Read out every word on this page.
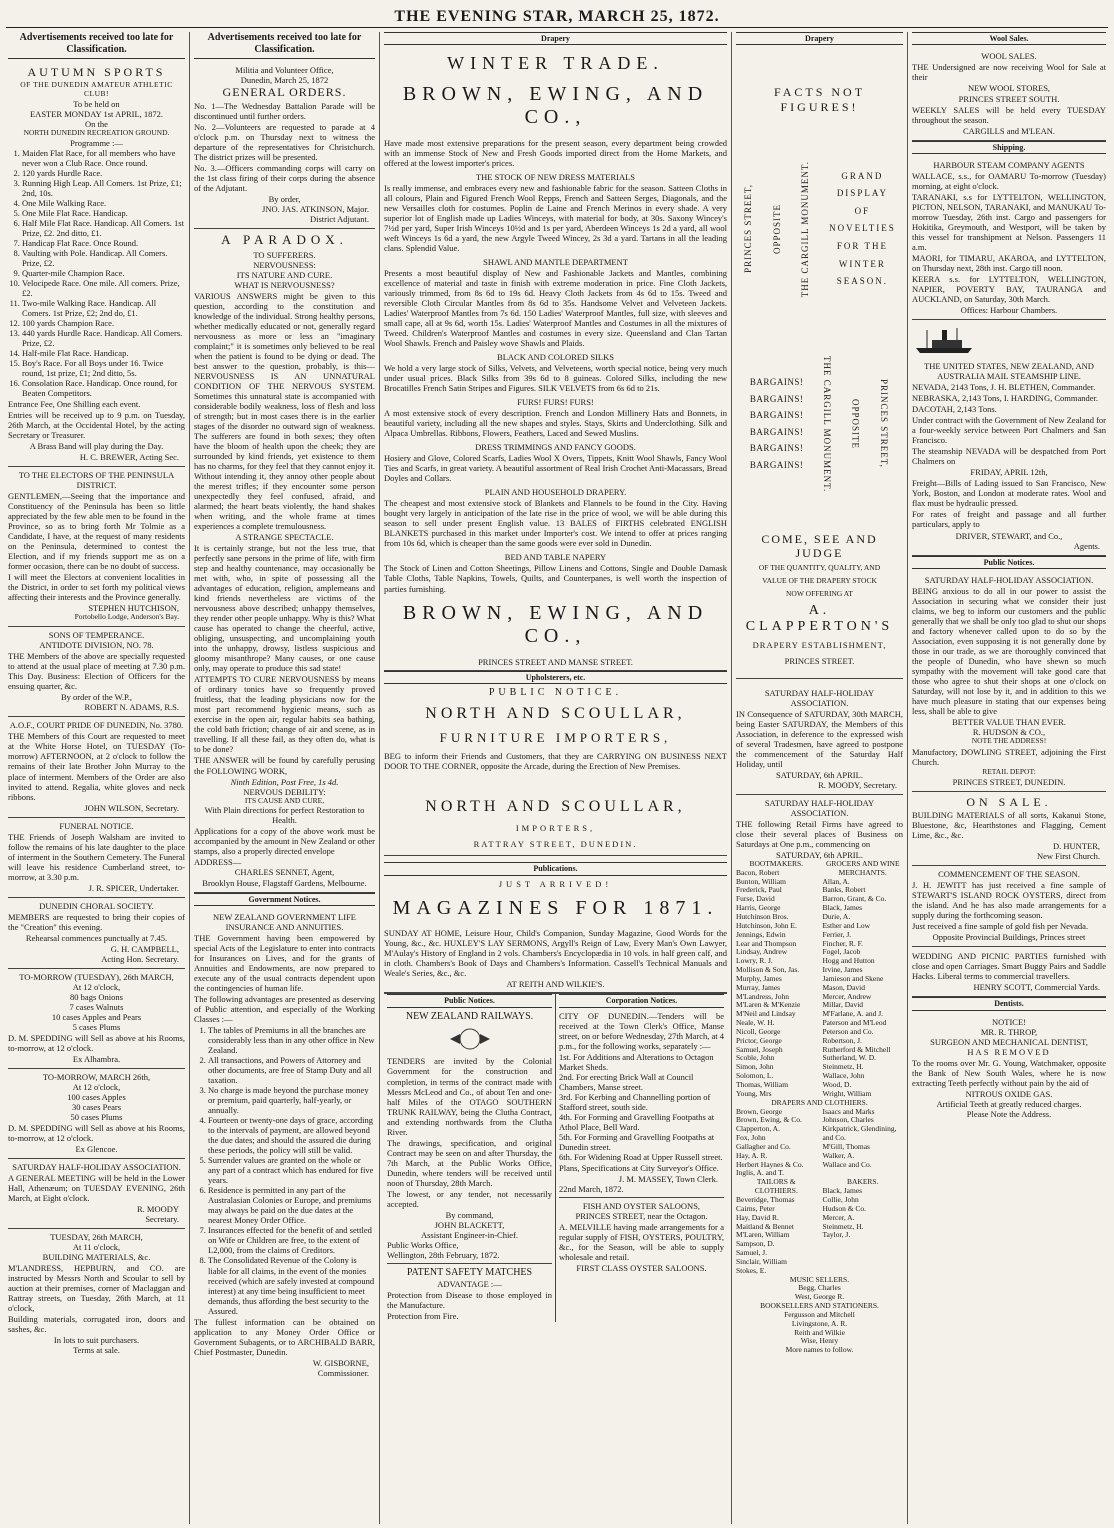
THE EVENING STAR, MARCH 25, 1872.
Advertisements received too late for Classification.
AUTUMN SPORTS
OF THE DUNEDIN AMATEUR ATHLETIC CLUB!
To be held on
EASTER MONDAY 1st APRIL, 1872.
On the
NORTH DUNEDIN RECREATION GROUND.
Programme :—
1. Maiden Flat Race, for all members who have never won a Club Race. Once round.
2. 120 yards Hurdle Race.
3. Running High Leap. All Comers. 1st Prize, £1; 2nd, 10s.
4. One Mile Walking Race.
5. One Mile Flat Race. Handicap.
6. Half Mile Flat Race. Handicap. All Comers. 1st Prize, £2. 2nd ditto, £1.
7. Handicap Flat Race. Once Round.
8. Vaulting with Pole. Handicap. All Comers. Prize, £2.
9. Quarter-mile Champion Race.
10. Velocipede Race. One mile. All comers. Prize, £2.
11. Two-mile Walking Race. Handicap. All Comers. 1st Prize, £2; 2nd do, £1.
12. 100 yards Champion Race.
13. 440 yards Hurdle Race. Handicap. All Comers. Prize, £2.
14. Half-mile Flat Race. Handicap.
15. Boy's Race. For all Boys under 16. Twice round, 1st prize, £1; 2nd ditto, 5s.
16. Consolation Race. Handicap. Once round, for Beaten Competitors.

Entrance Fee, One Shilling each event.

Entries will be received up to 9 p.m. on Tuesday, 26th March, at the Occidental Hotel, by the acting Secretary or Treasurer.

A Brass Band will play during the Day.

H. C. BREWER, Acting Sec.
TO THE ELECTORS OF THE PENINSULA DISTRICT.

GENTLEMEN,—Seeing that the importance and Constituency of the Peninsula has been so little appreciated by the few able men to be found in the Province, so as to bring forth Mr Tolmie as a Candidate, I have, at the request of many residents on the Peninsula, determined to contest the Election, and if my friends support me as on a former occasion, there can be no doubt of success.

I will meet the Electors at convenient localities in the District, in order to set forth my political views affecting their interests and the Province generally.

STEPHEN HUTCHISON,
Portobello Lodge, Anderson's Bay.
SONS OF TEMPERANCE.
ANTIDOTE DIVISION, NO. 78.

THE Members of the above are specially requested to attend at the usual place of meeting at 7.30 p.m. This Day. Business: Election of Officers for the ensuing quarter, &c.

By order of the W.P.,
ROBERT N. ADAMS, R.S.
A.O.F., COURT PRIDE OF DUNEDIN, No. 3780.

THE Members of this Court are requested to meet at the White Horse Hotel, on TUESDAY (To-morrow) AFTERNOON, at 2 o'clock to follow the remains of their late Brother John Murray to the place of interment. Members of the Order are also invited to attend. Regalia, white gloves and neck ribbons.

JOHN WILSON, Secretary.
FUNERAL NOTICE.

THE Friends of Joseph Walsham are invited to follow the remains of his late daughter to the place of interment in the Southern Cemetery. The Funeral will leave his residence Cumberland street, to-morrow, at 3.30 p.m.

J. R. SPICER, Undertaker.
DUNEDIN CHORAL SOCIETY.

MEMBERS are requested to bring their copies of the "Creation" this evening.

Rehearsal commences punctually at 7.45.

G. H. CAMPBELL,
Acting Hon. Secretary.
TO-MORROW (TUESDAY), 26th MARCH,
At 12 o'clock,
80 bags Onions
7 cases Walnuts
10 cases Apples and Pears
5 cases Plums

D. M. SPEDDING will Sell as above at his Rooms, to-morrow, at 12 o'clock.

Ex Alhambra.
TO-MORROW, MARCH 26th,
At 12 o'clock,
100 cases Apples
30 cases Pears
50 cases Plums

D. M. SPEDDING will Sell as above at his Rooms, to-morrow, at 12 o'clock.

Ex Glencoe.
SATURDAY HALF-HOLIDAY ASSOCIATION.

A GENERAL MEETING will be held in the Lower Hall, Athenæum; on TUESDAY EVENING, 26th March, at Eight o'clock.

R. MOODY
Secretary.
TUESDAY, 26th MARCH,
At 11 o'clock,
BUILDING MATERIALS, &c.

M'LANDRESS, HEPBURN, and CO. are instructed by Messrs North and Scoular to sell by auction at their premises, corner of Maclaggan and Rattray streets, on Tuesday, 26th March, at 11 o'clock,

Building materials, corrugated iron, doors and sashes, &c.

In lots to suit purchasers.
Terms at sale.
Advertisements received too late for Classification.
Militia and Volunteer Office,
Dunedin, March 25, 1872
GENERAL ORDERS.

No. 1—The Wednesday Battalion Parade will be discontinued until further orders.

No. 2—Volunteers are requested to parade at 4 o'clock p.m. on Thursday next to witness the departure of the representatives for Christchurch. The district prizes will be presented.

No. 3.—Officers commanding corps will carry on the 1st class firing of their corps during the absence of the Adjutant.

By order,
JNO. JAS. ATKINSON, Major.
District Adjutant.
A PARADOX.
TO SUFFERERS.
NERVOUSNESS:
ITS NATURE AND CURE.
WHAT IS NERVOUSNESS?

VARIOUS ANSWERS might be given to this question, according to the constitution and knowledge of the individual. Strong healthy persons, whether medically educated or not, generally regard nervousness as more or less an "imaginary complaint;" it is sometimes only believed to be real when the patient is found to be dying or dead. The best answer to the question, probably, is this—NERVOUSNESS IS AN UNNATURAL CONDITION OF THE NERVOUS SYSTEM. Sometimes this unnatural state is accompanied with considerable bodily weakness, loss of flesh and loss of strength; but in most cases there is in the earlier stages of the disorder no outward sign of weakness. The sufferers are found in both sexes; they often have the bloom of health upon the cheek; they are surrounded by kind friends, yet existence to them has no charms, for they feel that they cannot enjoy it. Without intending it, they annoy other people about the merest trifles; if they encounter some person unexpectedly they feel confused, afraid, and alarmed; the heart beats violently, the hand shakes when writing, and the whole frame at times experiences a complete tremulousness.

A STRANGE SPECTACLE.

It is certainly strange, but not the less true, that perfectly sane persons in the prime of life, with firm step and healthy countenance, may occasionally be met with, who, in spite of possessing all the advantages of education, religion, amplemeans and kind friends nevertheless are victims of the nervousness above described; unhappy themselves, they render other people unhappy. Why is this? What cause has operated to change the cheerful, active, obliging, unsuspecting, and uncomplaining youth into the unhappy, drowsy, listless suspicious and gloomy misanthrope? Many causes, or one cause only, may operate to produce this sad state!

ATTEMPTS TO CURE NERVOUSNESS by means of ordinary tonics have so frequently proved fruitless, that the leading physicians now for the most part recommend hygienic means, such as exercise in the open air, regular habits sea bathing, the cold bath friction; change of air and scene, as in travelling. If all these fail, as they often do, what is to be done?

THE ANSWER will be found by carefully perusing the FOLLOWING WORK,

Ninth Edition, Post Free, 1s 4d.
NERVOUS DEBILITY:
ITS CAUSE AND CURE,
With Plain directions for perfect Restoration to Health.

Applications for a copy of the above work must be accompanied by the amount in New Zealand or other stamps, also a properly directed envelope

ADDRESS—
CHARLES SENNET, Agent,
Brooklyn House, Flagstaff Gardens, Melbourne.
Government Notices.
NEW ZEALAND GOVERNMENT LIFE INSURANCE AND ANNUITIES.

THE Government having been empowered by special Acts of the Legislature to enter into contracts for Insurances on Lives, and for the grants of Annuities and Endowments, are now prepared to execute any of the usual contracts dependent upon the contingencies of human life.

The following advantages are presented as deserving of Public attention, and especially of the Working Classes :—

1. The tables of Premiums in all the branches are considerably less than in any other office in New Zealand.
2. All transactions, and Powers of Attorney and other documents, are free of Stamp Duty and all taxation.
3. No charge is made beyond the purchase money or premium, paid quarterly, half-yearly, or annually.
4. Fourteen or twenty-one days of grace, according to the intervals of payment, are allowed beyond the due dates; and should the assured die during these periods, the policy will still be valid.
5. Surrender values are granted on the whole or any part of a contract which has endured for five years.
6. Residence is permitted in any part of the Australasian Colonies or Europe, and premiums may always be paid on the due dates at the nearest Money Order Office.
7. Insurances effected for the benefit of and settled on Wife or Children are free, to the extent of L2,000, from the claims of Creditors.
8. The Consolidated Revenue of the Colony is liable for all claims, in the event of the monies received (which are safely invested at compound interest) at any time being insufficient to meet demands, thus affording the best security to the Assured.

The fullest information can be obtained on application to any Money Order Office or Government Subagents, or to ARCHIBALD BARR, Chief Postmaster, Dunedin.

W. GISBORNE,
Commissioner.
Drapery
WINTER TRADE.
BROWN, EWING, AND CO.,

Have made most extensive preparations for the present season, every department being crowded with an immense Stock of New and Fresh Goods imported direct from the Home Markets, and offered at the lowest importer's prices.

THE STOCK OF NEW DRESS MATERIALS

Is really immense, and embraces every new and fashionable fabric for the season. Satteen Cloths in all colours, Plain and Figured French Wool Repps, French and Satteen Serges, Diagonals, and the new Versailles cloth for costumes. Poplin de Laine and French Merinos in every shade. A very superior lot of English made up Ladies Winceys, with material for body, at 30s. Saxony Wincey's 7½d per yard, Super Irish Winceys 10½d and 1s per yard, Aberdeen Winceys 1s 2d a yard, all wool weft Winceys 1s 6d a yard, the new Argyle Tweed Wincey, 2s 3d a yard. Tartans in all the leading clans. Splendid Value.

SHAWL AND MANTLE DEPARTMENT

Presents a most beautiful display of New and Fashionable Jackets and Mantles, combining excellence of material and taste in finish with extreme moderation in price. Fine Cloth Jackets, variously trimmed, from 8s 6d to 19s 6d. Heavy Cloth Jackets from 4s 6d to 15s. Tweed and reversible Cloth Circular Mantles from 8s 6d to 35s. Handsome Velvet and Velveteen Jackets. Ladies' Waterproof Mantles from 7s 6d. 150 Ladies' Waterproof Mantles, full size, with sleeves and small cape, all at 9s 6d, worth 15s. Ladies' Waterproof Mantles and Costumes in all the mixtures of Tweed. Children's Waterproof Mantles and costumes in every size. Queensland and Clan Tartan Wool Shawls. French and Paisley wove Shawls and Plaids.

BLACK AND COLORED SILKS

We hold a very large stock of Silks, Velvets, and Velveteens, worth special notice, being very much under usual prices. Black Silks from 39s 6d to 8 guineas. Colored Silks, including the new Brocatilles French Satin Stripes and Figures. SILK VELVETS from 6s 6d to 21s.

FURS! FURS! FURS!

A most extensive stock of every description. French and London Millinery Hats and Bonnets, in beautiful variety, including all the new shapes and styles. Stays, Skirts and Underclothing. Silk and Alpaca Umbrellas. Ribbons, Flowers, Feathers, Laced and Sewed Muslins.

DRESS TRIMMINGS AND FANCY GOODS.

Hosiery and Glove, Colored Scarfs, Ladies Wool X Overs, Tippets, Knitt Wool Shawls, Fancy Wool Ties and Scarfs, in great variety. A beautiful assortment of Real Irish Crochet Anti-Macassars, Bread Doyles and Collars.

PLAIN AND HOUSEHOLD DRAPERY.

The cheapest and most extensive stock of Blankets and Flannels to be found in the City. Having bought very largely in anticipation of the late rise in the price of wool, we will be able during this season to sell under present English value. 13 BALES of FIRTHS celebrated ENGLISH BLANKETS purchased in this market under Importer's cost. We intend to offer at prices ranging from 10s 6d, which is cheaper than the same goods were ever sold in Dunedin.

BED AND TABLE NAPERY

The Stock of Linen and Cotton Sheetings, Pillow Linens and Cottons, Single and Double Damask Table Cloths, Table Napkins, Towels, Quilts, and Counterpanes, is well worth the inspection of parties furnishing.

BROWN, EWING, AND CO.,
PRINCES STREET AND MANSE STREET.
Upholsterers, etc.
PUBLIC NOTICE.
NORTH AND SCOULLAR,
FURNITURE IMPORTERS,

BEG to inform their Friends and Customers, that they are CARRYING ON BUSINESS NEXT DOOR TO THE CORNER, opposite the Arcade, during the Erection of New Premises.

NORTH AND SCOULLAR,
IMPORTERS,
RATTRAY STREET, DUNEDIN.
Publications.
JUST ARRIVED!
MAGAZINES FOR 1871.

SUNDAY AT HOME, Leisure Hour, Child's Companion, Sunday Magazine, Good Words for the Young, &c., &c. HUXLEY'S LAY SERMONS, Argyll's Reign of Law, Every Man's Own Lawyer, M'Aulay's History of England in 2 vols. Chambers's Encyclopædia in 10 vols. in half green calf, and in cloth. Chambers's Book of Days and Chambers's Information. Cassell's Technical Manuals and Weale's Series, &c., &c.

AT REITH AND WILKIE'S.
Public Notices.
NEW ZEALAND RAILWAYS.

TENDERS are invited by the Colonial Government for the construction and completion, in terms of the contract made with Messrs McLeod and Co., of about Ten and one-half Miles of the OTAGO SOUTHERN TRUNK RAILWAY, being the Clutha Contract, and extending northwards from the Clutha River.

The drawings, specification, and original Contract may be seen on and after Thursday, the 7th March, at the Public Works Office, Dunedin, where tenders will be received until noon of Thursday, 28th March.

The lowest, or any tender, not necessarily accepted.

By command,
JOHN BLACKETT,
Assistant Engineer-in-Chief.
Public Works Office,
Wellington, 28th February, 1872.
PATENT SAFETY MATCHES
ADVANTAGE :—

Protection from Disease to those employed in the Manufacture.

Protection from Fire.

Corporation Notices.

CITY OF DUNEDIN.—Tenders will be received at the Town Clerk's Office, Manse street, on or before Wednesday, 27th March, at 4 p.m., for the following works, separately :—

1st. For Additions and Alterations to Octagon Market Sheds.
2nd. For erecting Brick Wall at Council Chambers, Manse street.
3rd. For Kerbing and Channelling portion of Stafford street, south side.
4th. For Forming and Gravelling Footpaths at Athol Place, Bell Ward.
5th. For Forming and Gravelling Footpaths at Dunedin street.
6th. For Widening Road at Upper Russell street.

Plans, Specifications at City Surveyor's Office.

J. M. MASSEY, Town Clerk.
22nd March, 1872.
FISH AND OYSTER SALOONS,
PRINCES STREET, near the Octagon.

A. MELVILLE having made arrangements for a regular supply of FISH, OYSTERS, POULTRY, &c., for the Season, will be able to supply wholesale and retail.

FIRST CLASS OYSTER SALOONS.
Drapery
FACTS NOT FIGURES!
PRINCES STREET, OPPOSITE THE CARGILL MONUMENT.	GRAND
DISPLAY
OF
NOVELTIES
FOR THE
WINTER
SEASON.
BARGAINS!
BARGAINS!
BARGAINS!
BARGAINS!
BARGAINS!
BARGAINS! THE CARGILL MONUMENT. OPPOSITE PRINCES STREET,
COME, SEE AND JUDGE
OF THE QUANTITY, QUALITY, AND
VALUE OF THE DRAPERY STOCK
NOW OFFERING AT
A. CLAPPERTON'S
DRAPERY ESTABLISHMENT,
PRINCES STREET.
SATURDAY HALF-HOLIDAY ASSOCIATION.

IN Consequence of SATURDAY, 30th MARCH, being Easter SATURDAY, the Members of this Association, in deference to the expressed wish of several Tradesmen, have agreed to postpone the commencement of the Saturday Half Holiday, until

SATURDAY, 6th APRIL.
R. MOODY, Secretary.
SATURDAY HALF-HOLIDAY ASSOCIATION.

THE following Retail Firms have agreed to close their several places of Business on Saturdays at One p.m., commencing on

SATURDAY, 6th APRIL.
BOOTMAKERS.
Bacon, Robert
Bunton, William
Frederick, Paul
Furse, David
Harris, George
Hutchinson Bros.
Hutchinson, John E.
Jennings, Edwin
Lear and Thompson
Lindsay, Andrew
Lowry, R. J.
Mollison & Son, Jas.
Murphy, James
Murray, James
M'Landress, John
M'Laren & M'Kenzie
M'Neil and Lindsay
Neale, W. H.
Nicoll, George
Prictor, George
Samuel, Joseph
Scoble, John
Simon, John
Solomon, L.
Thomas, William
Young, Mrs
GROCERS AND WINE MERCHANTS.
Allan, A.
Banks, Robert
Barron, Grant, & Co.
Black, James
Durie, A.
Esther and Low
Ferrier, J.
Fincher, R. F.
Fogel, Jacob
Hogg and Hutton
Irvine, James
Jamieson and Skene
Mason, David
Mercer, Andrew
Millar, David
M'Farlane, A. and J.
Paterson and M'Leod
Peterson and Co.
Robertson, J.
Rutherford & Mitchell
Sutherland, W. D.
Steinmetz, H.
Wallace, John
Wood, D.
Wright, William
DRAPERS AND CLOTHIERS.
Brown, George
Brown, Ewing, & Co.
Clapperton, A.
Fox, John
Gallagher and Co.
Hay, A. R.
Herbert Haynes & Co.
Inglis, A. and T.
Isaacs and Marks
Johnson, Charles
Kirkpatrick, Glendining, and Co.
M'Gill, Thomas
Walker, A.
Wallace and Co.
TAILORS & CLOTHIERS.
Beveridge, Thomas
Cairns, Peter
Hay, David R.
Maitland & Bennet
M'Laren, William
Sampson, D.
Samuel, J.
Sinclair, William
Stokes, E.
BAKERS.
Black, James
Collie, John
Hudson & Co.
Mercer, A.
Steinmetz, H.
Taylor, J.
MUSIC SELLERS.
Begg, Charles
West, George R.
BOOKSELLERS AND STATIONERS.
Fergusson and Mitchell
Livingstone, A. R.
Reith and Wilkie
Wise, Henry
More names to follow.
Wool Sales.
WOOL SALES.

THE Undersigned are now receiving Wool for Sale at their

NEW WOOL STORES,
PRINCES STREET SOUTH.

WEEKLY SALES will be held every TUESDAY throughout the season.

CARGILLS and M'LEAN.
Shipping.
HARBOUR STEAM COMPANY AGENTS

WALLACE, s.s., for OAMARU To-morrow (Tuesday) morning, at eight o'clock.

TARANAKI, s.s for LYTTELTON, WELLINGTON, PICTON, NELSON, TARANAKI, and MANUKAU To-morrow Tuesday, 26th inst. Cargo and passengers for Hokitika, Greymouth, and Westport, will be taken by this vessel for transhipment at Nelson. Passengers 11 a.m.

MAORI, for TIMARU, AKAROA, and LYTTELTON, on Thursday next, 28th inst. Cargo till noon.

KEERA s.s. for LYTTELTON, WELLINGTON, NAPIER, POVERTY BAY, TAURANGA and AUCKLAND, on Saturday, 30th March.

Offices: Harbour Chambers.
THE UNITED STATES, NEW ZEALAND, AND AUSTRALIA MAIL STEAMSHIP LINE.

NEVADA, 2143 Tons, J. H. BLETHEN, Commander.

NEBRASKA, 2,143 Tons, I. HARDING, Commander.

DACOTAH, 2,143 Tons.

Under contract with the Government of New Zealand for a four-weekly service between Port Chalmers and San Francisco.

The steamship NEVADA will be despatched from Port Chalmers on

FRIDAY, APRIL 12th,

Freight—Bills of Lading issued to San Francisco, New York, Boston, and London at moderate rates. Wool and flax must be hydraulic pressed.

For rates of freight and passage and all further particulars, apply to

DRIVER, STEWART, and Co.,
Agents.
Public Notices.
SATURDAY HALF-HOLIDAY ASSOCIATION.

BEING anxious to do all in our power to assist the Association in securing what we consider their just claims, we beg to inform our customers and the public generally that we shall be only too glad to shut our shops and factory whenever called upon to do so by the Association, even supposing it is not generally done by those in our trade, as we are thoroughly convinced that the people of Dunedin, who have shewn so much sympathy with the movement will take good care that those who agree to shut their shops at one o'clock on Saturday, will not lose by it, and in addition to this we have much pleasure in stating that our expenses being less, shall be able to give

BETTER VALUE THAN EVER.
R. HUDSON & CO.,
NOTE THE ADDRESS!

Manufactory, DOWLING STREET, adjoining the First Church.

RETAIL DEPOT:
PRINCES STREET, DUNEDIN.
ON SALE.

BUILDING MATERIALS of all sorts, Kakanui Stone, Bluestone, &c, Hearthstones and Flagging, Cement Lime, &c., &c.

D. HUNTER,
New First Church.
COMMENCEMENT OF THE SEASON.

J. H. JEWITT has just received a fine sample of STEWART'S ISLAND ROCK OYSTERS, direct from the island. And he has also made arrangements for a supply during the forthcoming season.

Just received a fine sample of gold fish per Nevada.

Opposite Provincial Buildings, Princes street

WEDDING AND PICNIC PARTIES furnished with close and open Carriages. Smart Buggy Pairs and Saddle Hacks. Liberal terms to commercial travellers.

HENRY SCOTT, Commercial Yards.
Dentists.
NOTICE!
MR. R. THROP,
SURGEON AND MECHANICAL DENTIST,
HAS REMOVED

To the rooms over Mr. G. Young, Watchmaker, opposite the Bank of New South Wales, where he is now extracting Teeth perfectly without pain by the aid of

NITROUS OXIDE GAS.
Artificial Teeth at greatly reduced charges.
Please Note the Address.
